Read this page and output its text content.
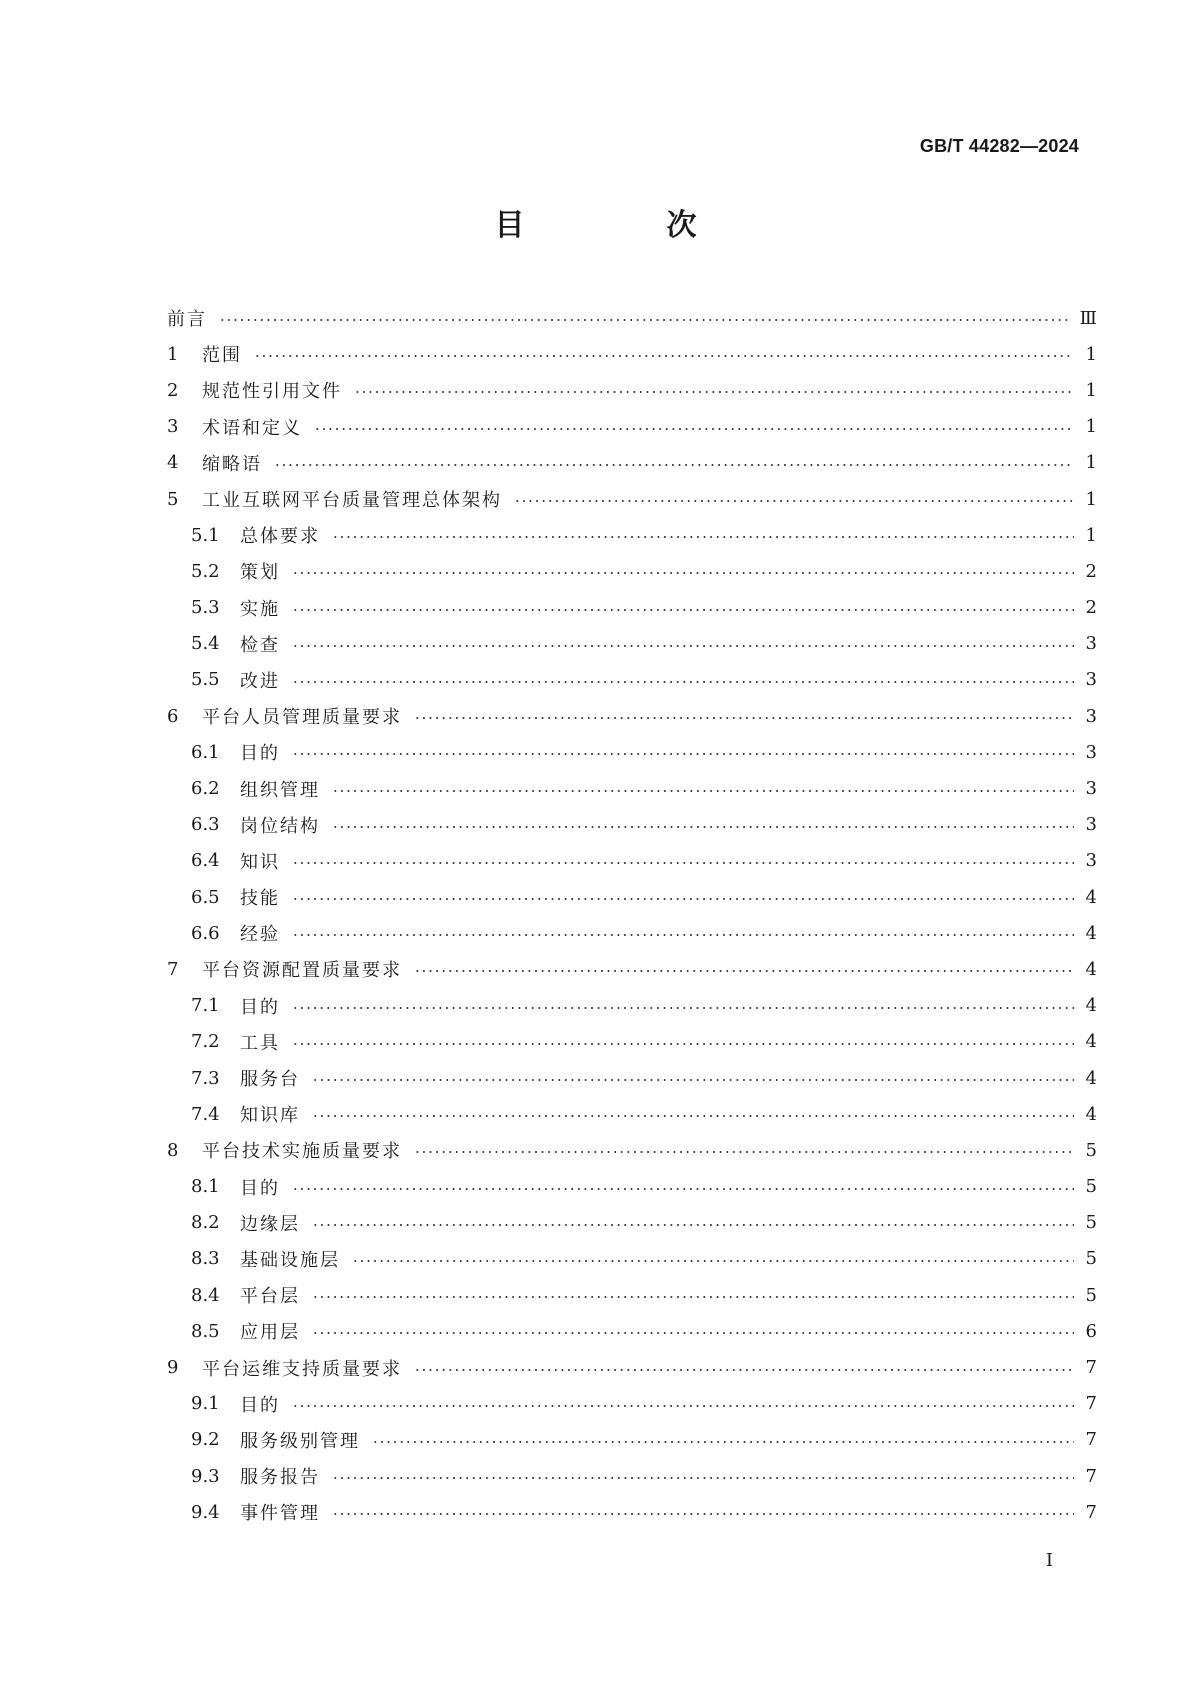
GB/T 44282—2024
目　次
前言	Ⅲ
1	范围	1
2	规范性引用文件	1
3	术语和定义	1
4	缩略语	1
5	工业互联网平台质量管理总体架构	1
5.1	总体要求	1
5.2	策划	2
5.3	实施	2
5.4	检查	3
5.5	改进	3
6	平台人员管理质量要求	3
6.1	目的	3
6.2	组织管理	3
6.3	岗位结构	3
6.4	知识	3
6.5	技能	4
6.6	经验	4
7	平台资源配置质量要求	4
7.1	目的	4
7.2	工具	4
7.3	服务台	4
7.4	知识库	4
8	平台技术实施质量要求	5
8.1	目的	5
8.2	边缘层	5
8.3	基础设施层	5
8.4	平台层	5
8.5	应用层	6
9	平台运维支持质量要求	7
9.1	目的	7
9.2	服务级别管理	7
9.3	服务报告	7
9.4	事件管理	7
Ⅰ
